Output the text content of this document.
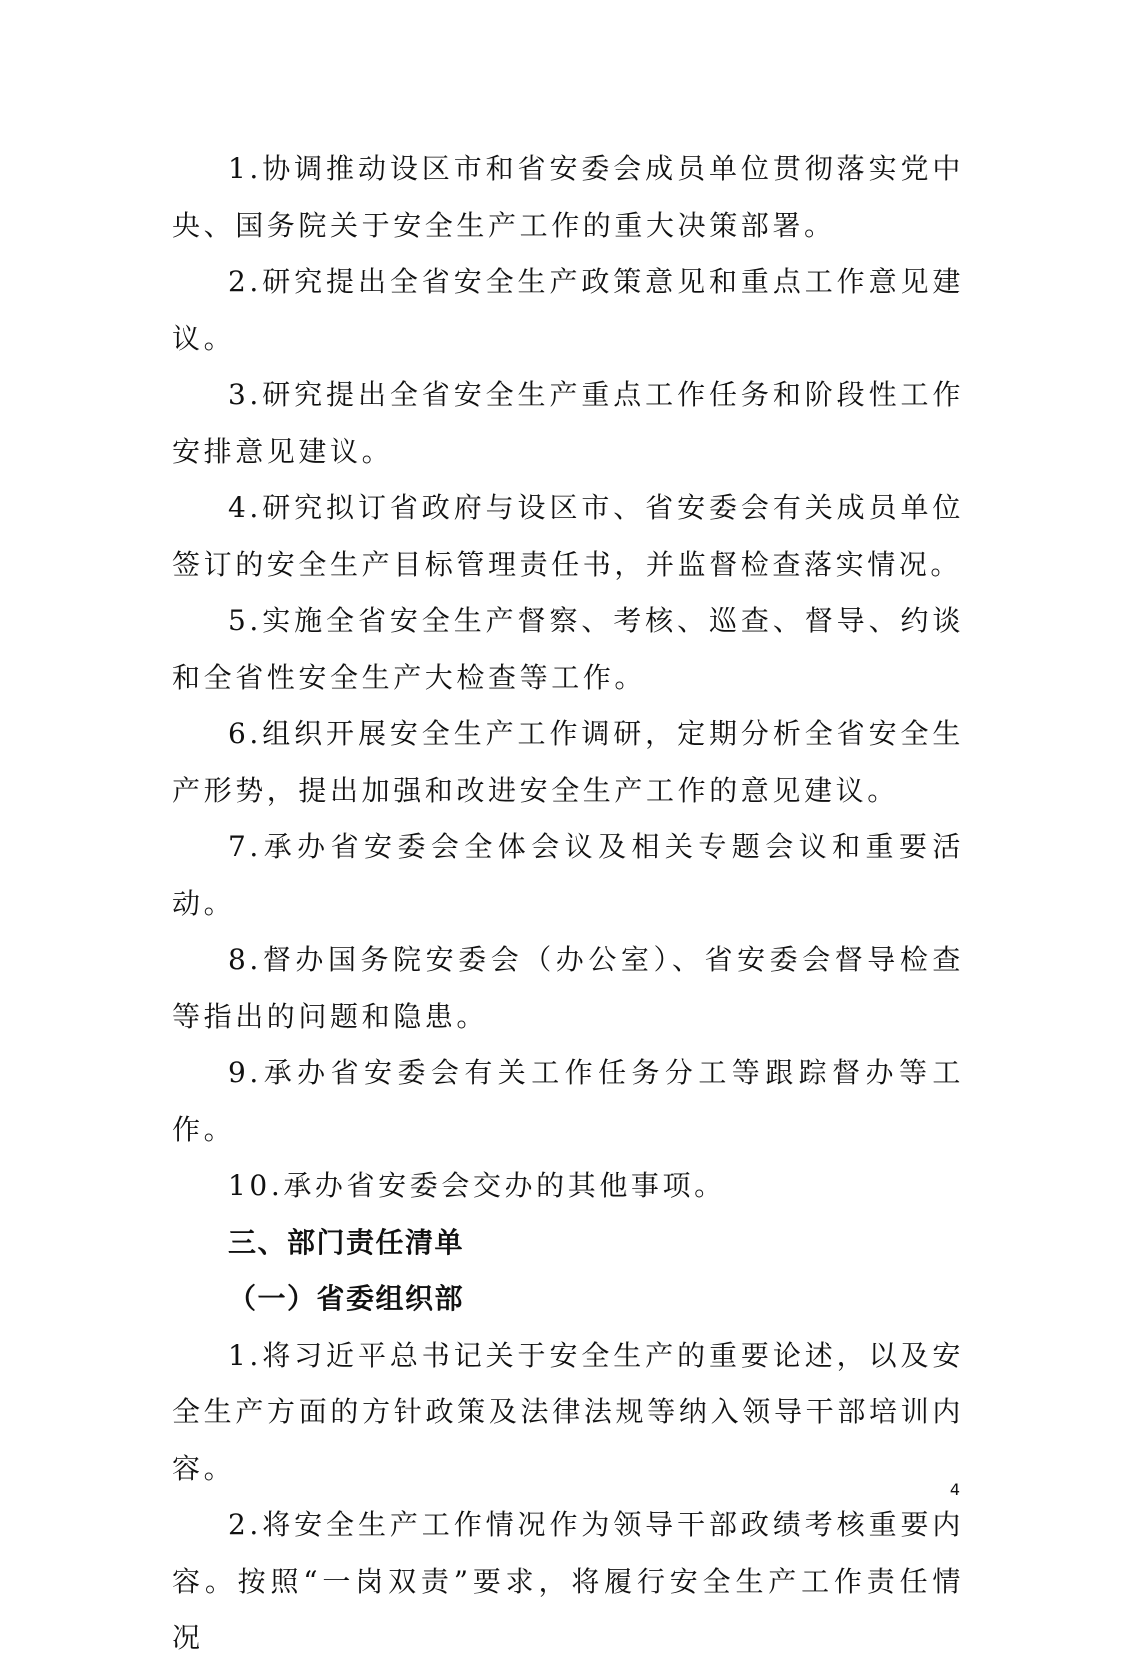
1.协调推动设区市和省安委会成员单位贯彻落实党中央、国务院关于安全生产工作的重大决策部署。

2.研究提出全省安全生产政策意见和重点工作意见建议。

3.研究提出全省安全生产重点工作任务和阶段性工作安排意见建议。

4.研究拟订省政府与设区市、省安委会有关成员单位签订的安全生产目标管理责任书，并监督检查落实情况。

5.实施全省安全生产督察、考核、巡查、督导、约谈和全省性安全生产大检查等工作。

6.组织开展安全生产工作调研，定期分析全省安全生产形势，提出加强和改进安全生产工作的意见建议。

7.承办省安委会全体会议及相关专题会议和重要活动。

8.督办国务院安委会（办公室）、省安委会督导检查等指出的问题和隐患。

9.承办省安委会有关工作任务分工等跟踪督办等工作。

10.承办省安委会交办的其他事项。

三、部门责任清单

（一）省委组织部

1.将习近平总书记关于安全生产的重要论述，以及安全生产方面的方针政策及法律法规等纳入领导干部培训内容。

2.将安全生产工作情况作为领导干部政绩考核重要内容。按照“一岗双责”要求，将履行安全生产工作责任情况

4
